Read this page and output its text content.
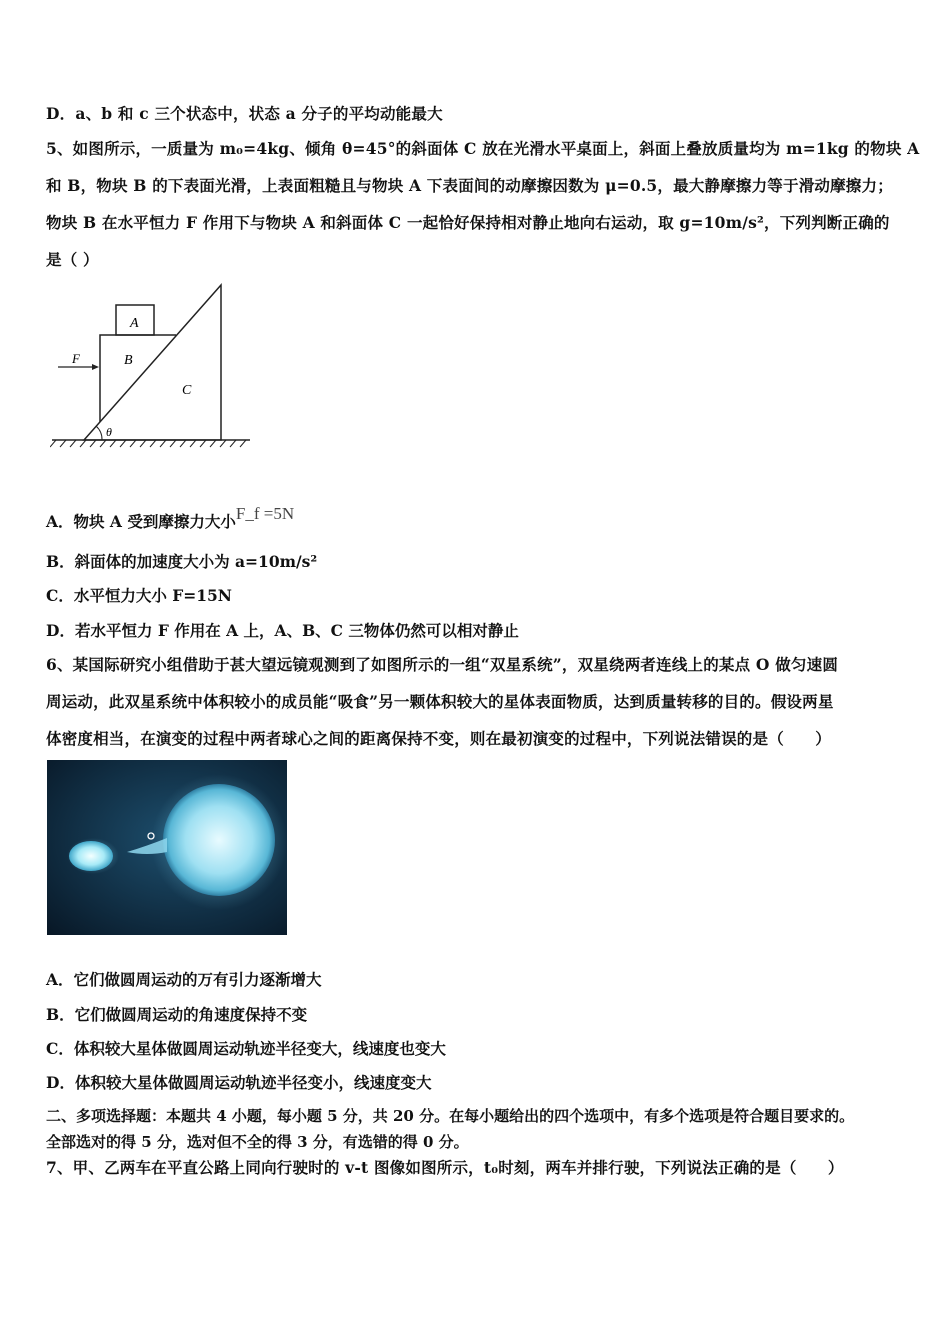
D．a、b 和 c 三个状态中，状态 a 分子的平均动能最大
5、如图所示，一质量为 m₀=4kg、倾角 θ=45°的斜面体 C 放在光滑水平桌面上，斜面上叠放质量均为 m=1kg 的物块 A
和 B，物块 B 的下表面光滑，上表面粗糙且与物块 A 下表面间的动摩擦因数为 μ=0.5，最大静摩擦力等于滑动摩擦力；
物块 B 在水平恒力 F 作用下与物块 A 和斜面体 C 一起恰好保持相对静止地向右运动，取 g=10m/s²，下列判断正确的
是（ ）
A
B
C
F
θ
A．物块 A 受到摩擦力大小F_f =5N
B．斜面体的加速度大小为 a=10m/s²
C．水平恒力大小 F=15N
D．若水平恒力 F 作用在 A 上，A、B、C 三物体仍然可以相对静止
6、某国际研究小组借助于甚大望远镜观测到了如图所示的一组“双星系统”，双星绕两者连线上的某点 O 做匀速圆
周运动，此双星系统中体积较小的成员能“吸食”另一颗体积较大的星体表面物质，达到质量转移的目的。假设两星
体密度相当，在演变的过程中两者球心之间的距离保持不变，则在最初演变的过程中，下列说法错误的是（　　）
A．它们做圆周运动的万有引力逐渐增大
B．它们做圆周运动的角速度保持不变
C．体积较大星体做圆周运动轨迹半径变大，线速度也变大
D．体积较大星体做圆周运动轨迹半径变小，线速度变大
二、多项选择题：本题共 4 小题，每小题 5 分，共 20 分。在每小题给出的四个选项中，有多个选项是符合题目要求的。
全部选对的得 5 分，选对但不全的得 3 分，有选错的得 0 分。
7、甲、乙两车在平直公路上同向行驶时的 v-t 图像如图所示，t₀时刻，两车并排行驶，下列说法正确的是（　　）
